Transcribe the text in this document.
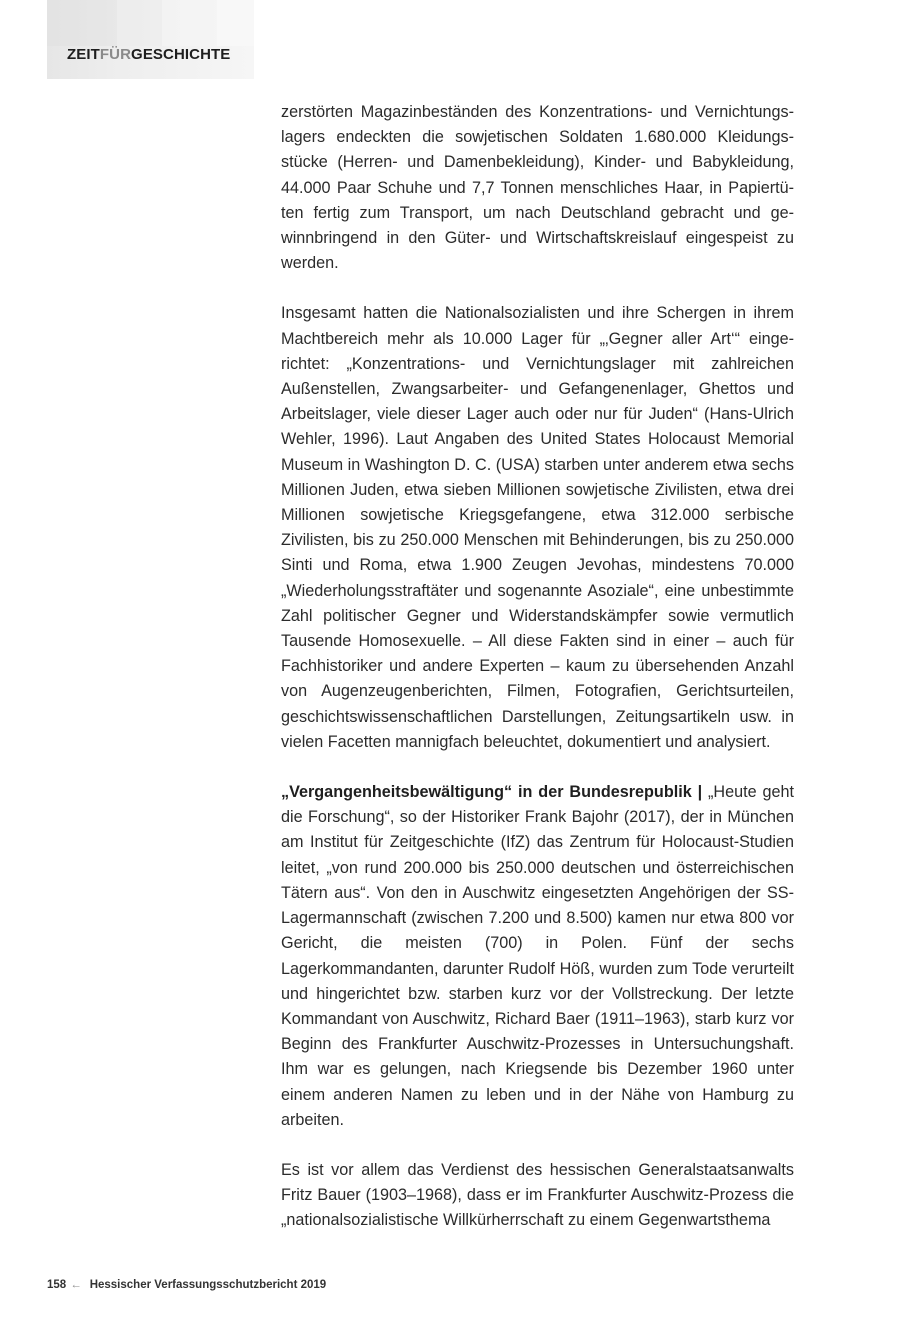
ZEITFÜRGESCHICHTE

zerstörten Magazinbeständen des Konzentrations- und Vernichtungslagers endeckten die sowjetischen Soldaten 1.680.000 Kleidungsstücke (Herren- und Damenbekleidung), Kinder- und Babykleidung, 44.000 Paar Schuhe und 7,7 Tonnen menschliches Haar, in Papiertüten fertig zum Transport, um nach Deutschland gebracht und gewinnbringend in den Güter- und Wirtschaftskreislauf eingespeist zu werden.

Insgesamt hatten die Nationalsozialisten und ihre Schergen in ihrem Machtbereich mehr als 10.000 Lager für „‚Gegner aller Art‘“ eingerichtet: „Konzentrations- und Vernichtungslager mit zahlreichen Außenstellen, Zwangsarbeiter- und Gefangenenlager, Ghettos und Arbeitslager, viele dieser Lager auch oder nur für Juden“ (Hans-Ulrich Wehler, 1996). Laut Angaben des United States Holocaust Memorial Museum in Washington D. C. (USA) starben unter anderem etwa sechs Millionen Juden, etwa sieben Millionen sowjetische Zivilisten, etwa drei Millionen sowjetische Kriegsgefangene, etwa 312.000 serbische Zivilisten, bis zu 250.000 Menschen mit Behinderungen, bis zu 250.000 Sinti und Roma, etwa 1.900 Zeugen Jevohas, mindestens 70.000 „Wiederholungsstraftäter und sogenannte Asoziale“, eine unbestimmte Zahl politischer Gegner und Widerstandskämpfer sowie vermutlich Tausende Homosexuelle. – All diese Fakten sind in einer – auch für Fachhistoriker und andere Experten – kaum zu übersehenden Anzahl von Augenzeugenberichten, Filmen, Fotografien, Gerichtsurteilen, geschichtswissenschaftlichen Darstellungen, Zeitungsartikeln usw. in vielen Facetten mannigfach beleuchtet, dokumentiert und analysiert.

„Vergangenheitsbewältigung“ in der Bundesrepublik | „Heute geht die Forschung“, so der Historiker Frank Bajohr (2017), der in München am Institut für Zeitgeschichte (IfZ) das Zentrum für Holocaust-Studien leitet, „von rund 200.000 bis 250.000 deutschen und österreichischen Tätern aus“. Von den in Auschwitz eingesetzten Angehörigen der SS-Lagermannschaft (zwischen 7.200 und 8.500) kamen nur etwa 800 vor Gericht, die meisten (700) in Polen. Fünf der sechs Lagerkommandanten, darunter Rudolf Höß, wurden zum Tode verurteilt und hingerichtet bzw. starben kurz vor der Vollstreckung. Der letzte Kommandant von Auschwitz, Richard Baer (1911–1963), starb kurz vor Beginn des Frankfurter Auschwitz-Prozesses in Untersuchungshaft. Ihm war es gelungen, nach Kriegsende bis Dezember 1960 unter einem anderen Namen zu leben und in der Nähe von Hamburg zu arbeiten.

Es ist vor allem das Verdienst des hessischen Generalstaatsanwalts Fritz Bauer (1903–1968), dass er im Frankfurter Auschwitz-Prozess die „nationalsozialistische Willkürherrschaft zu einem Gegenwartsthema

158 ← Hessischer Verfassungsschutzbericht 2019
